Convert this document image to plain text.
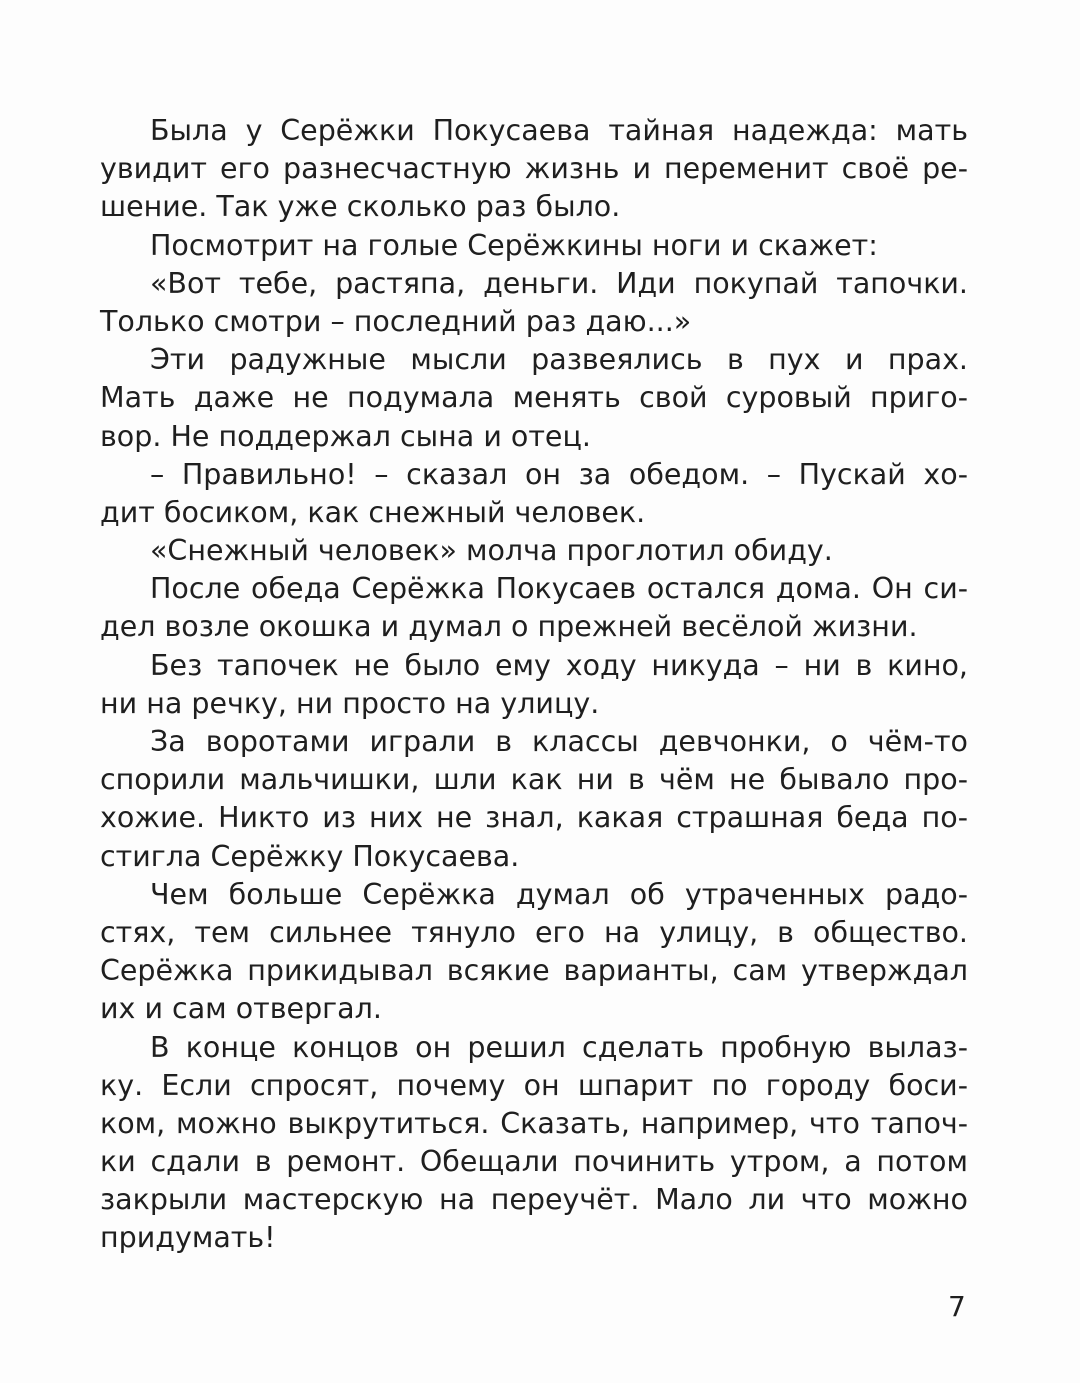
Была у Серёжки Покусаева тайная надежда: мать
увидит его разнесчастную жизнь и переменит своё ре-
шение. Так уже сколько раз было.
Посмотрит на голые Серёжкины ноги и скажет:
«Вот тебе, растяпа, деньги. Иди покупай тапочки.
Только смотри – последний раз даю...»
Эти радужные мысли развеялись в пух и прах.
Мать даже не подумала менять свой суровый приго-
вор. Не поддержал сына и отец.
– Правильно! – сказал он за обедом. – Пускай хо-
дит босиком, как снежный человек.
«Снежный человек» молча проглотил обиду.
После обеда Серёжка Покусаев остался дома. Он си-
дел возле окошка и думал о прежней весёлой жизни.
Без тапочек не было ему ходу никуда – ни в кино,
ни на речку, ни просто на улицу.
За воротами играли в классы девчонки, о чём-то
спорили мальчишки, шли как ни в чём не бывало про-
хожие. Никто из них не знал, какая страшная беда по-
стигла Серёжку Покусаева.
Чем больше Серёжка думал об утраченных радо-
стях, тем сильнее тянуло его на улицу, в общество.
Серёжка прикидывал всякие варианты, сам утверждал
их и сам отвергал.
В конце концов он решил сделать пробную вылаз-
ку. Если спросят, почему он шпарит по городу боси-
ком, можно выкрутиться. Сказать, например, что тапоч-
ки сдали в ремонт. Обещали починить утром, а потом
закрыли мастерскую на переучёт. Мало ли что можно
придумать!
7
